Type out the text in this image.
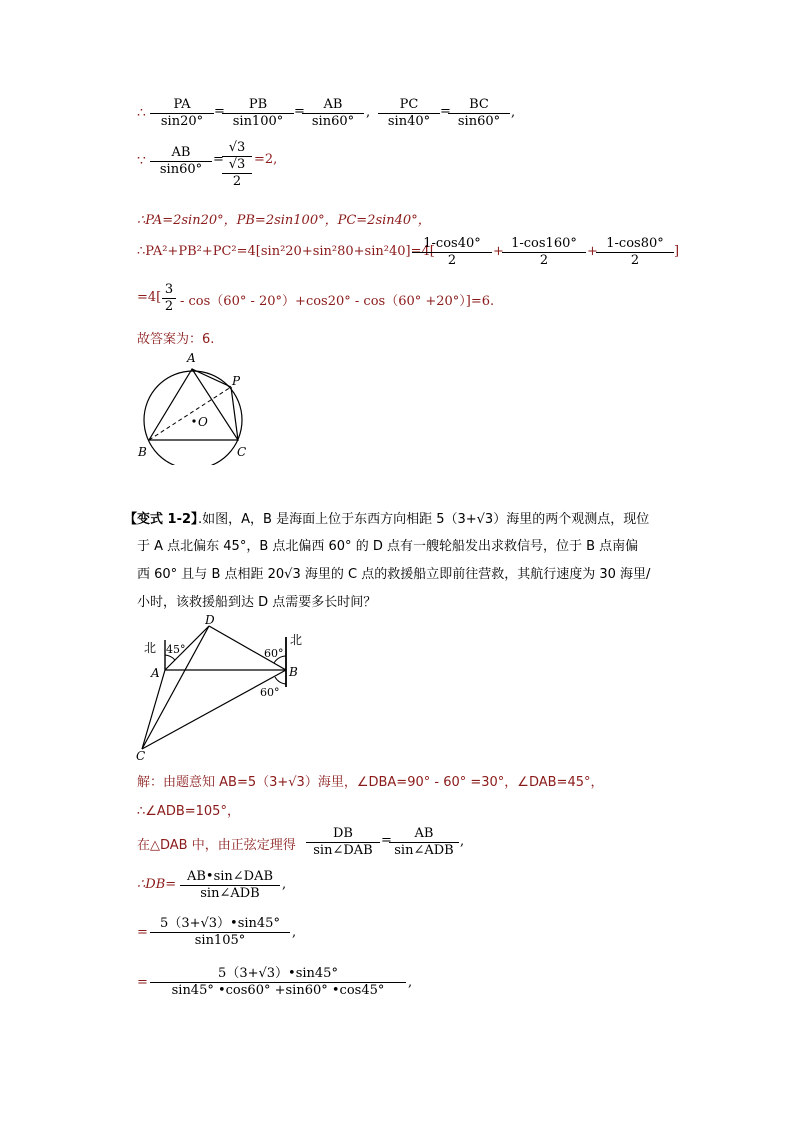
∴ $\frac{PA}{\sin 20^\circ}$ =
$\frac{PB}{\sin 100^\circ}$ =
$\frac{AB}{\sin 60^\circ}$ , $\frac{PC}{\sin 40^\circ}$ =
$\frac{BC}{\sin 60^\circ}$ ,
∵ $\frac{AB}{\sin 60^\circ}$ =
√3
√3
2
=2,
∴PA=2sin20°，PB=2sin100°，PC=2sin40°，
∴PA²+PB²+PC²=4[sin²20+sin²80+sin²40]=4[
$\frac{1-\cos 40^\circ}{2}$ +
$\frac{1-\cos 160^\circ}{2}$ +
$\frac{1-\cos 80^\circ}{2}$ ]
$=4[ \frac{3}{2} - \cos(60^\circ - 20^\circ)+\cos 20^\circ - \cos(60^\circ +20^\circ)]=6$.
故答案为：6.
A
P
O
B	C
【变式 1-2】
.如图，A，B 是海面上位于东西方向相距 5（3+√3）海里的两个观测点，现位
于 A 点北偏东 45°，B 点北偏西 60° 的 D 点有一艘轮船发出求救信号，位于 B 点南偏
西 60° 且与 B 点相距 20√3 海里的 C 点的救援船立即前往营救，其航行速度为 30 海里/
小时，该救援船到达 D 点需要多长时间？
北
北
45°	60°
60°
D
A	B
C
解：由题意知 AB=5（3+√3）海里，∠DBA=90° - 60° =30°，∠DAB=45°，
∴∠ADB=105°，
在△DAB 中，由正弦定理得
DB
sin∠DAB
=	AB
sin∠ADB
,
∴DB=
AB•sin∠DAB
sin∠ADB
,
= $\frac{5(3+√3)•\sin 45^\circ}{\sin 105^\circ}$ ,
= $\frac{5(3+√3)•\sin 45^\circ}{\sin 45^\circ •\cos 60^\circ +\sin 60^\circ •\cos 45^\circ}$ ,
